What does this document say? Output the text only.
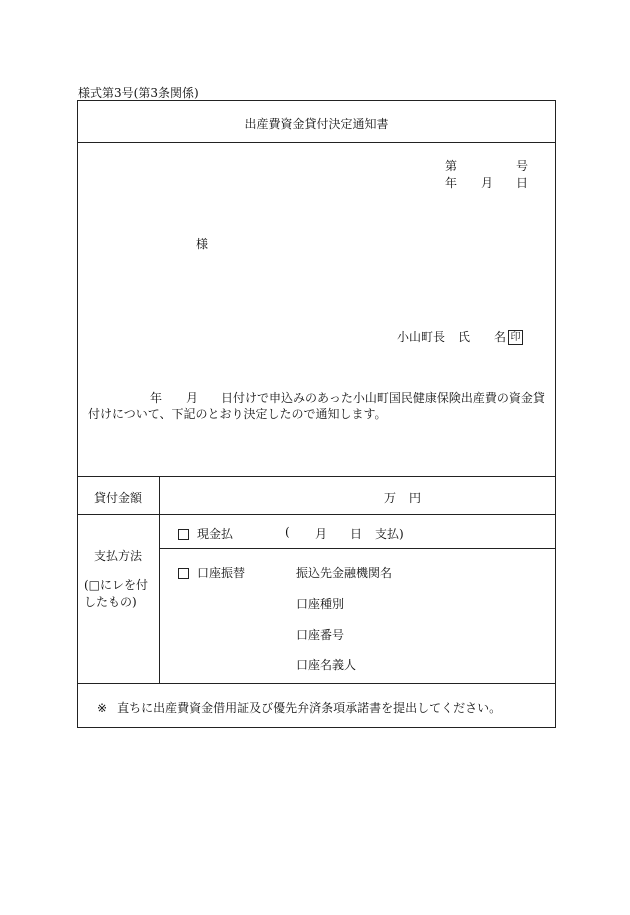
様式第3号(第3条関係)
出産費資金貸付決定通知書
第	号
年 月 日
様
小山町長 氏 名 印
年 月 日付けで申込みのあった小山町国民健康保険出産費の資金貸
付けについて、下記のとおり決定したので通知します。
貸付金額	万 円
支払方法
(□にレを付
したもの)
現金払	( 月 日 支払)
口座振替	振込先金融機関名
口座種別
口座番号
口座名義人
※ 直ちに出産費資金借用証及び優先弁済条項承諾書を提出してください。
